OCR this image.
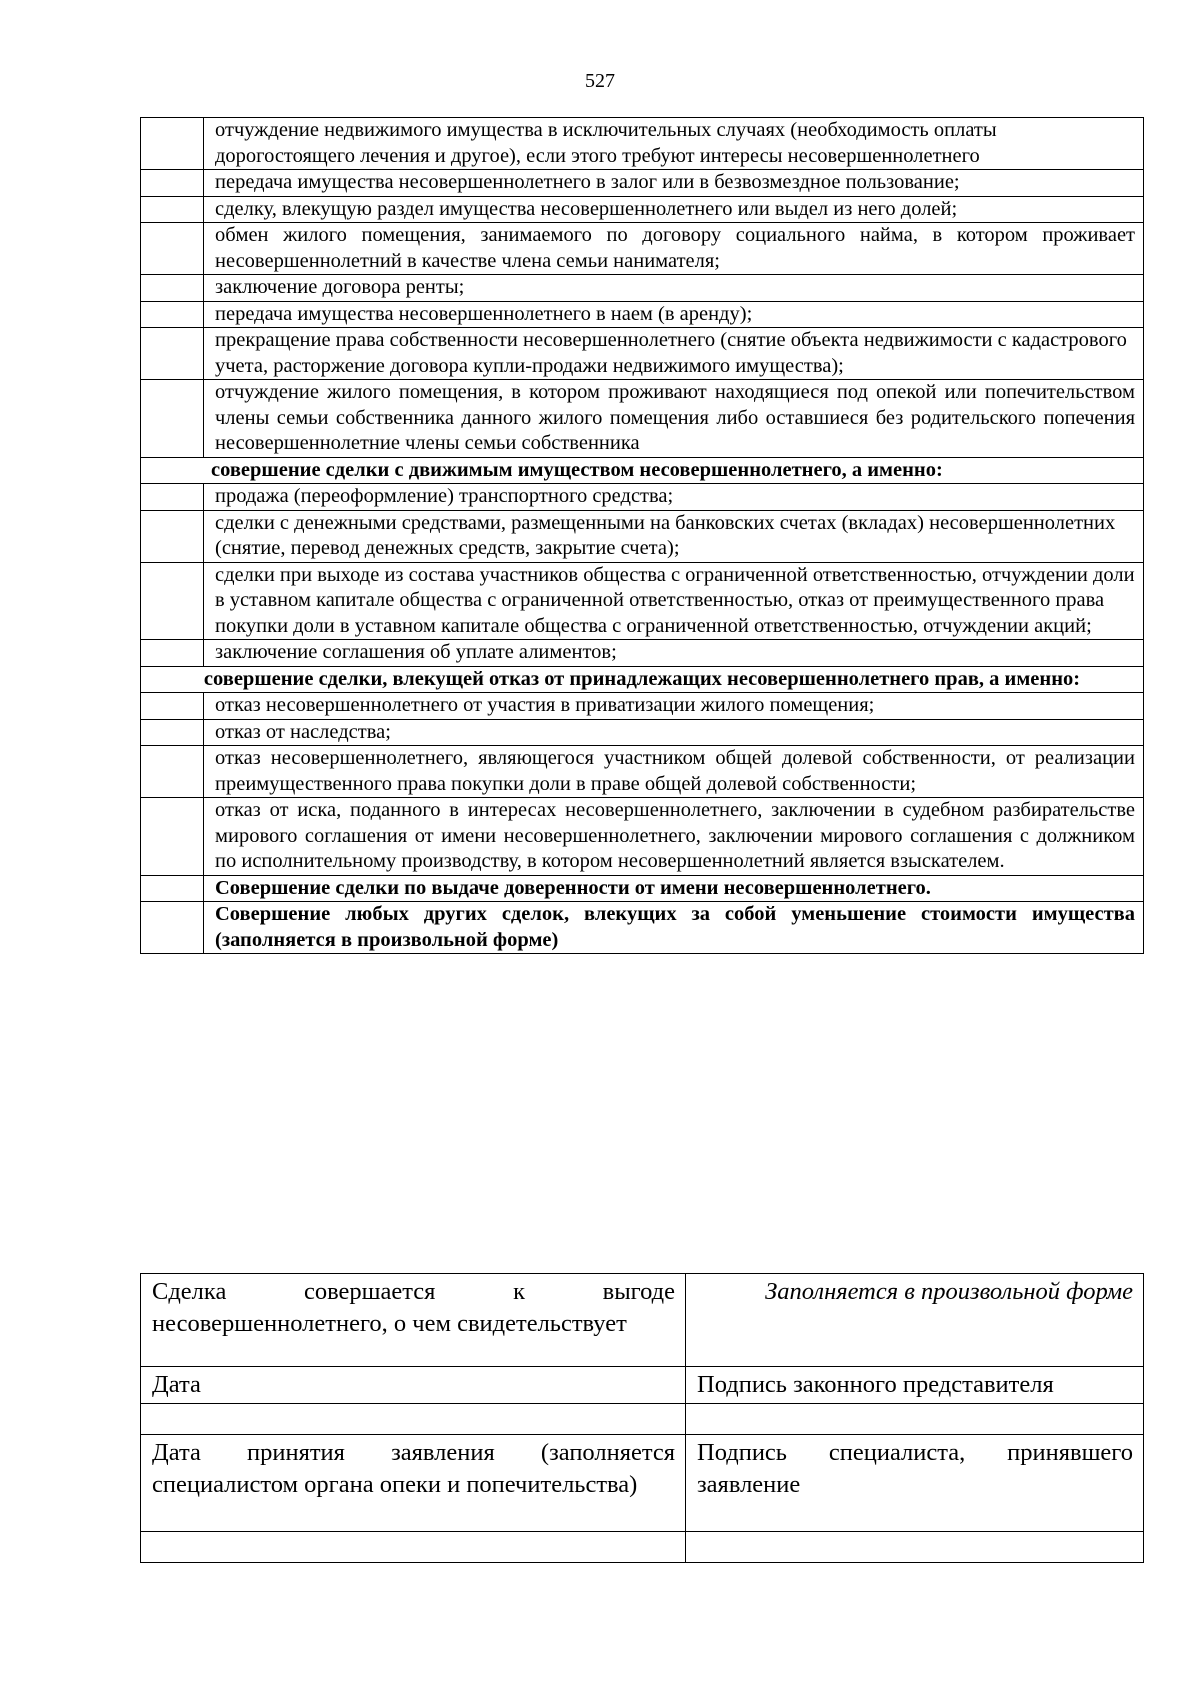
527
	отчуждение недвижимого имущества в исключительных случаях (необходимость оплаты дорогостоящего лечения и другое), если этого требуют интересы несовершеннолетнего
	передача имущества несовершеннолетнего в залог или в безвозмездное пользование;
	сделку, влекущую раздел имущества несовершеннолетнего или выдел из него долей;
	обмен жилого помещения, занимаемого по договору социального найма, в котором проживает несовершеннолетний в качестве члена семьи нанимателя;
	заключение договора ренты;
	передача имущества несовершеннолетнего в наем (в аренду);
	прекращение права собственности несовершеннолетнего (снятие объекта недвижимости с кадастрового учета, расторжение договора купли-продажи недвижимого имущества);
	отчуждение жилого помещения, в котором проживают находящиеся под опекой или попечительством члены семьи собственника данного жилого помещения либо оставшиеся без родительского попечения несовершеннолетние члены семьи собственника
совершение сделки с движимым имуществом несовершеннолетнего, а именно:	
	продажа (переоформление) транспортного средства;
	сделки с денежными средствами, размещенными на банковских счетах (вкладах) несовершеннолетних (снятие, перевод денежных средств, закрытие счета);
	сделки при выходе из состава участников общества с ограниченной ответственностью, отчуждении доли в уставном капитале общества с ограниченной ответственностью, отказ от преимущественного права покупки доли в уставном капитале общества с ограниченной ответственностью, отчуждении акций;
	заключение соглашения об уплате алиментов;
совершение сделки, влекущей отказ от принадлежащих несовершеннолетнего прав, а именно:	
	отказ несовершеннолетнего от участия в приватизации жилого помещения;
	отказ от наследства;
	отказ несовершеннолетнего, являющегося участником общей долевой собственности, от реализации преимущественного права покупки доли в праве общей долевой собственности;
	отказ от иска, поданного в интересах несовершеннолетнего, заключении в судебном разбирательстве мирового соглашения от имени несовершеннолетнего, заключении мирового соглашения с должником по исполнительному производству, в котором несовершеннолетний является взыскателем.
	Совершение сделки по выдаче доверенности от имени несовершеннолетнего.
	Совершение любых других сделок, влекущих за собой уменьшение стоимости имущества (заполняется в произвольной форме)
Сделка совершается к выгоде несовершеннолетнего, о чем свидетельствует	Заполняется в произвольной форме
Дата	Подпись законного представителя

Дата принятия заявления (заполняется специалистом органа опеки и попечительства)	Подпись специалиста, принявшего заявление
